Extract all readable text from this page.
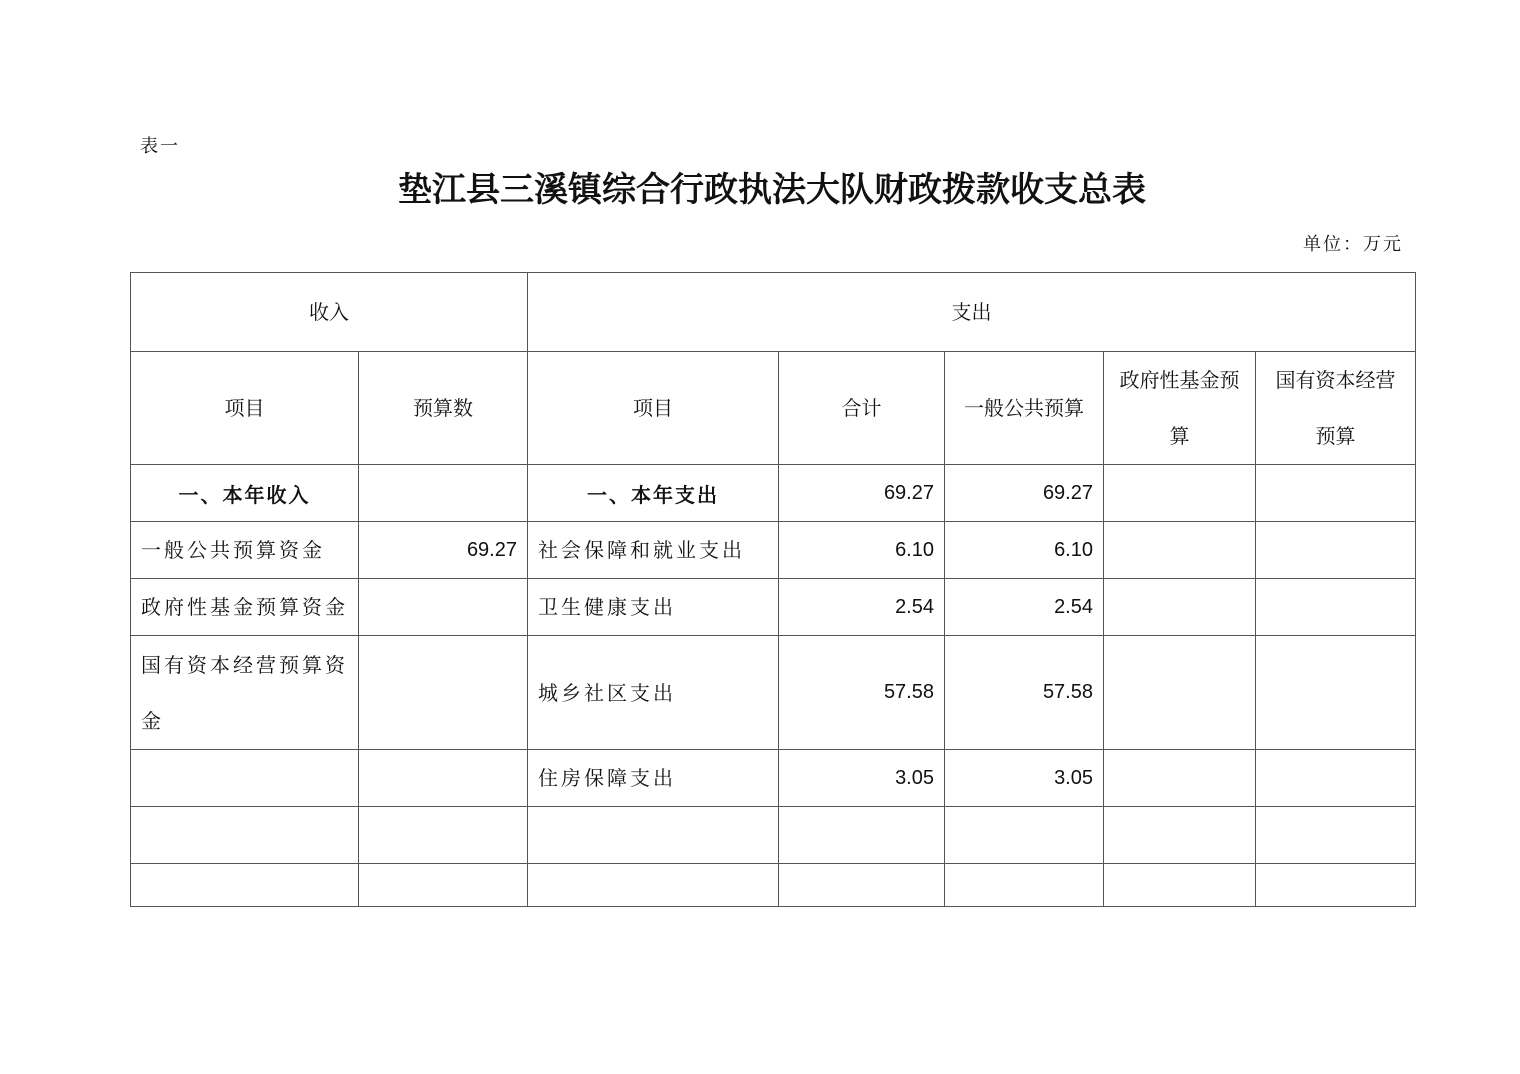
表一
垫江县三溪镇综合行政执法大队财政拨款收支总表
单位：万元
收入		支出				
项目	预算数	项目	合计	一般公共预算	政府性基金预算	国有资本经营预算
一、本年收入		一、本年支出	69.27	69.27		
一般公共预算资金	69.27	社会保障和就业支出	6.10	6.10		
政府性基金预算资金		卫生健康支出	2.54	2.54		
国有资本经营预算资金		城乡社区支出	57.58	57.58		
		住房保障支出	3.05	3.05		
